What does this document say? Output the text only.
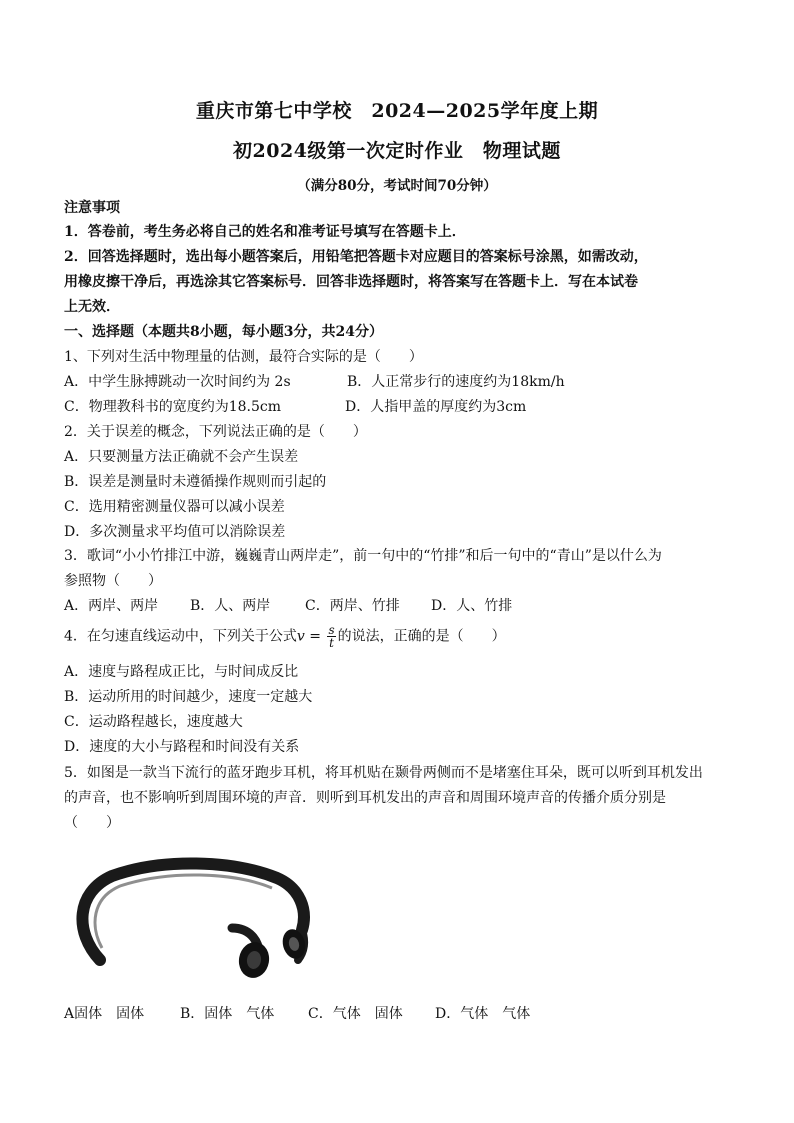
重庆市第七中学校　2024—2025学年度上期
初2024级第一次定时作业　物理试题
（满分80分，考试时间70分钟）
注意事项
1．答卷前，考生务必将自己的姓名和准考证号填写在答题卡上．
2．回答选择题时，选出每小题答案后，用铅笔把答题卡对应题目的答案标号涂黑，如需改动，
用橡皮擦干净后，再选涂其它答案标号．回答非选择题时，将答案写在答题卡上．写在本试卷
上无效．
一、选择题（本题共8小题，每小题3分，共24分）
1、下列对生活中物理量的估测，最符合实际的是（　　）
A．中学生脉搏跳动一次时间约为 2s	B．人正常步行的速度约为18km/h
C．物理教科书的宽度约为18.5cm	D．人指甲盖的厚度约为3cm
2．关于误差的概念，下列说法正确的是（　　）
A．只要测量方法正确就不会产生误差
B．误差是测量时未遵循操作规则而引起的
C．选用精密测量仪器可以减小误差
D．多次测量求平均值可以消除误差
3．歌词“小小竹排江中游，巍巍青山两岸走”，前一句中的“竹排”和后一句中的“青山”是以什么为
参照物（　　）
A．两岸、两岸 B．人、两岸 C．两岸、竹排 D．人、竹排
4．在匀速直线运动中，下列关于公式$v = \frac{s}{t}$ 的说法，正确的是（　　）
A．速度与路程成正比，与时间成反比
B．运动所用的时间越少，速度一定越大
C．运动路程越长，速度越大
D．速度的大小与路程和时间没有关系
5．如图是一款当下流行的蓝牙跑步耳机，将耳机贴在颞骨两侧而不是堵塞住耳朵，既可以听到耳机发出
的声音，也不影响听到周围环境的声音．则听到耳机发出的声音和周围环境声音的传播介质分别是
（　　）
A固体　固体	B．固体　气体 C．气体　固体 D．气体　气体
